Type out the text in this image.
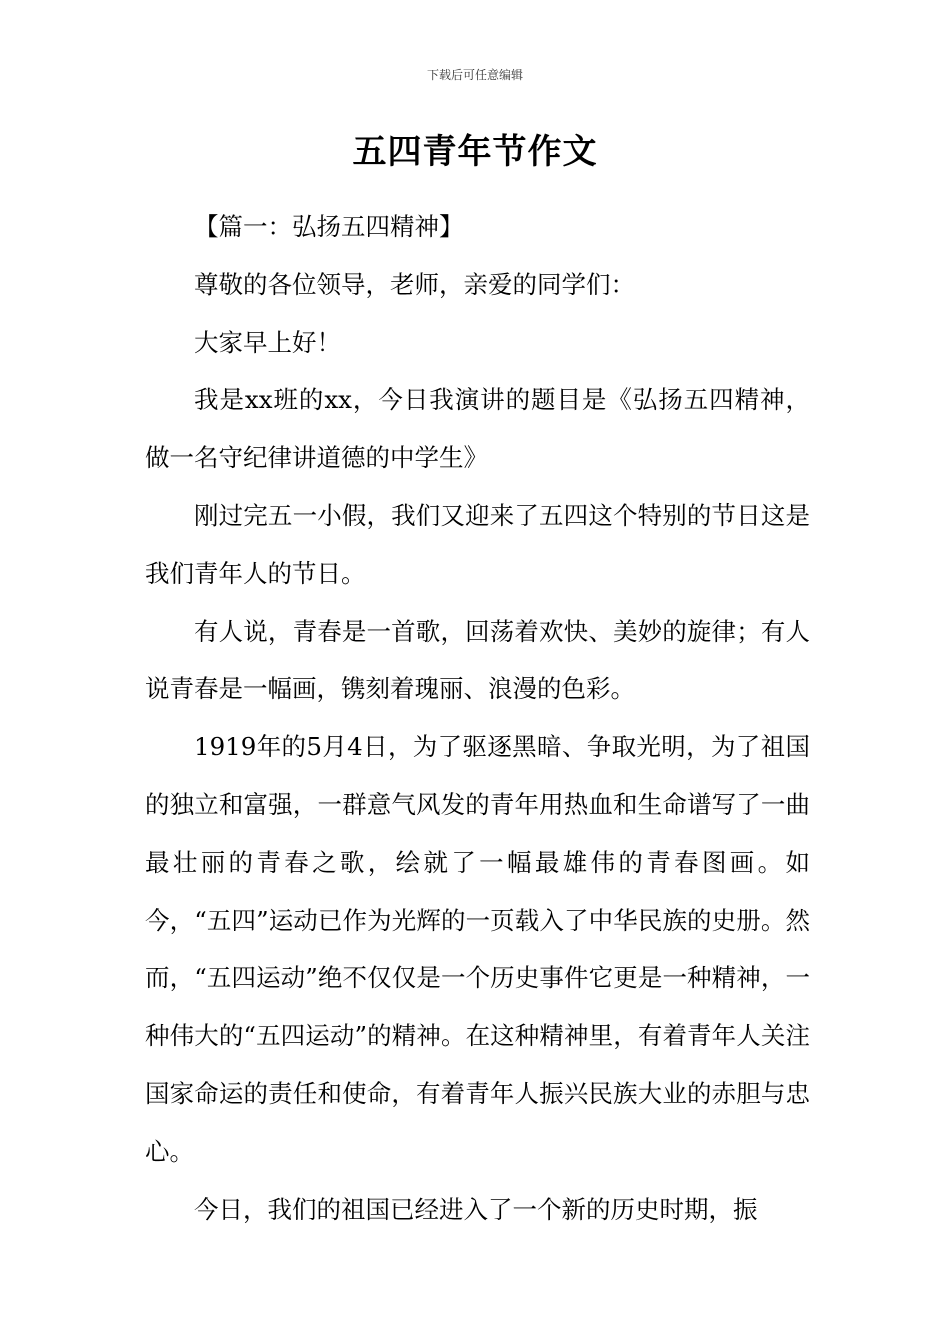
下载后可任意编辑
五四青年节作文

【篇一：弘扬五四精神】

尊敬的各位领导，老师，亲爱的同学们：

大家早上好！

我是xx班的xx，今日我演讲的题目是《弘扬五四精神，做一名守纪律讲道德的中学生》

刚过完五一小假，我们又迎来了五四这个特别的节日这是我们青年人的节日。

有人说，青春是一首歌，回荡着欢快、美妙的旋律；有人说青春是一幅画，镌刻着瑰丽、浪漫的色彩。

1919年的5月4日，为了驱逐黑暗、争取光明，为了祖国的独立和富强，一群意气风发的青年用热血和生命谱写了一曲最壮丽的青春之歌，绘就了一幅最雄伟的青春图画。如今，“五四”运动已作为光辉的一页载入了中华民族的史册。然而，“五四运动”绝不仅仅是一个历史事件它更是一种精神，一种伟大的“五四运动”的精神。在这种精神里，有着青年人关注国家命运的责任和使命，有着青年人振兴民族大业的赤胆与忠心。

今日，我们的祖国已经进入了一个新的历史时期，振
